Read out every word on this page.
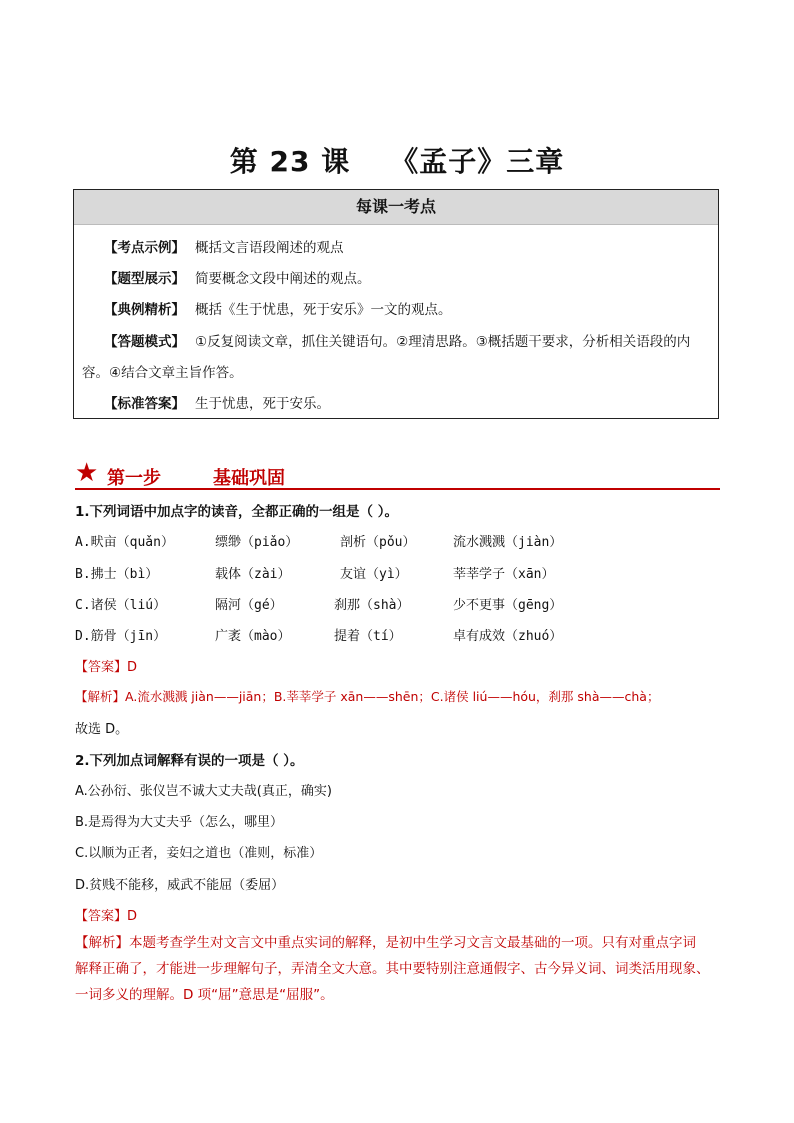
第 23 课 《孟子》三章
每课一考点
【考点示例】 概括文言语段阐述的观点
【题型展示】 简要概念文段中阐述的观点。
【典例精析】 概括《生于忧患，死于安乐》一文的观点。
【答题模式】 ①反复阅读文章，抓住关键语句。②理清思路。③概括题干要求，分析相关语段的内
容。④结合文章主旨作答。
【标准答案】 生于忧患，死于安乐。
★ 第一步	基础巩固
1.下列词语中加点字的读音，全都正确的一组是（ ）。
A.畎亩（quǎn）	缥缈（piǎo）	剖析（pǒu）	流水溅溅（jiàn）
B.拂士（bì）	载体（zài）	友谊（yì）	莘莘学子（xān）
C.诸侯（liú）	隔河（gé）	刹那（shà）	少不更事（gēng）
D.筋骨（jīn）	广袤（mào）	提着（tí）	卓有成效（zhuó）
【答案】D
【解析】A.流水溅溅 jiàn——jiān；B.莘莘学子 xān——shēn；C.诸侯 liú——hóu，刹那 shà——chà；
故选 D。
2.下列加点词解释有误的一项是（ ）。
A.公孙衍、张仪岂不诚大丈夫哉(真正，确实)
B.是焉得为大丈夫乎（怎么，哪里）
C.以顺为正者，妾妇之道也（准则，标准）
D.贫贱不能移，威武不能屈（委屈）
【答案】D
【解析】本题考查学生对文言文中重点实词的解释，是初中生学习文言文最基础的一项。只有对重点字词
解释正确了，才能进一步理解句子，弄清全文大意。其中要特别注意通假字、古今异义词、词类活用现象、
一词多义的理解。D 项“屈”意思是“屈服”。
